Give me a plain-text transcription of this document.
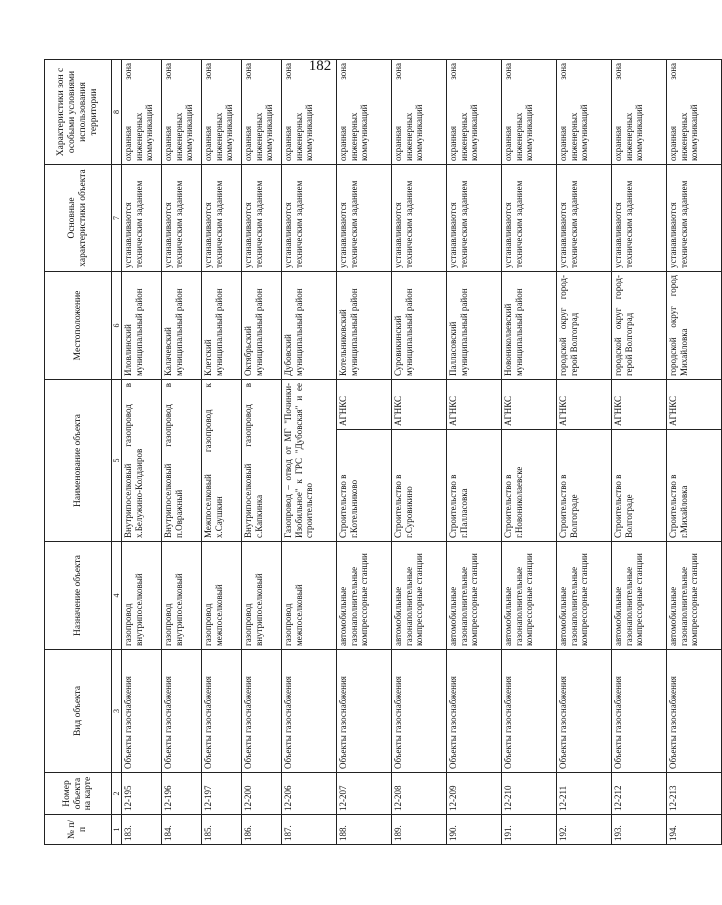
182
№ п/п	Номер объекта на карте	Вид объекта	Назначение объекта	Наименование объекта		Местоположение	Основные характеристики объекта	Характеристики зон с особыми условиями использования территории
1	2	3	4	5		6	7	8
183.	12-195	Объекты газоснабжения	газопровод внутрипоселковый	Внутрипоселковый газопровод в х.Белужино-Колдаиров		Иловлинский муниципальный район	устанавливаются техническим заданием	охранная зона инженерных коммуникаций
184.	12-196	Объекты газоснабжения	газопровод внутрипоселковый	Внутрипоселковый газопровод в п.Овражный		Калачевский муниципальный район	устанавливаются техническим заданием	охранная зона инженерных коммуникаций
185.	12-197	Объекты газоснабжения	газопровод межпоселковый	Межпоселковый газопровод к х.Саушкин		Клетский муниципальный район	устанавливаются техническим заданием	охранная зона инженерных коммуникаций
186.	12-200	Объекты газоснабжения	газопровод внутрипоселковый	Внутрипоселковый газопровод в с.Капкинка		Октябрьский муниципальный район	устанавливаются техническим заданием	охранная зона инженерных коммуникаций
187.	12-206	Объекты газоснабжения	газопровод межпоселковый	Газопровод – отвод от МГ "Починки-Изобильное" к ГРС "Дубовская" и ее строительство		Дубовский муниципальный район	устанавливаются техническим заданием	охранная зона инженерных коммуникаций
188.	12-207	Объекты газоснабжения	автомобильные газонаполнительные компрессорные станции	Строительство в г.Котельниково	АГНКС	Котельниковский муниципальный район	устанавливаются техническим заданием	охранная зона инженерных коммуникаций
189.	12-208	Объекты газоснабжения	автомобильные газонаполнительные компрессорные станции	Строительство в г.Суровикино	АГНКС	Суровикинский муниципальный район	устанавливаются техническим заданием	охранная зона инженерных коммуникаций
190.	12-209	Объекты газоснабжения	автомобильные газонаполнительные компрессорные станции	Строительство в г.Палласовка	АГНКС	Палласовский муниципальный район	устанавливаются техническим заданием	охранная зона инженерных коммуникаций
191.	12-210	Объекты газоснабжения	автомобильные газонаполнительные компрессорные станции	Строительство в г.Новониколаевске	АГНКС	Новониколаевский муниципальный район	устанавливаются техническим заданием	охранная зона инженерных коммуникаций
192.	12-211	Объекты газоснабжения	автомобильные газонаполнительные компрессорные станции	Строительство в Волгограде	АГНКС	городской округ город-герой Волгоград	устанавливаются техническим заданием	охранная зона инженерных коммуникаций
193.	12-212	Объекты газоснабжения	автомобильные газонаполнительные компрессорные станции	Строительство в Волгограде	АГНКС	городской округ город-герой Волгоград	устанавливаются техническим заданием	охранная зона инженерных коммуникаций
194.	12-213	Объекты газоснабжения	автомобильные газонаполнительные компрессорные станции	Строительство в г.Михайловка	АГНКС	городской округ город Михайловка	устанавливаются техническим заданием	охранная зона инженерных коммуникаций
